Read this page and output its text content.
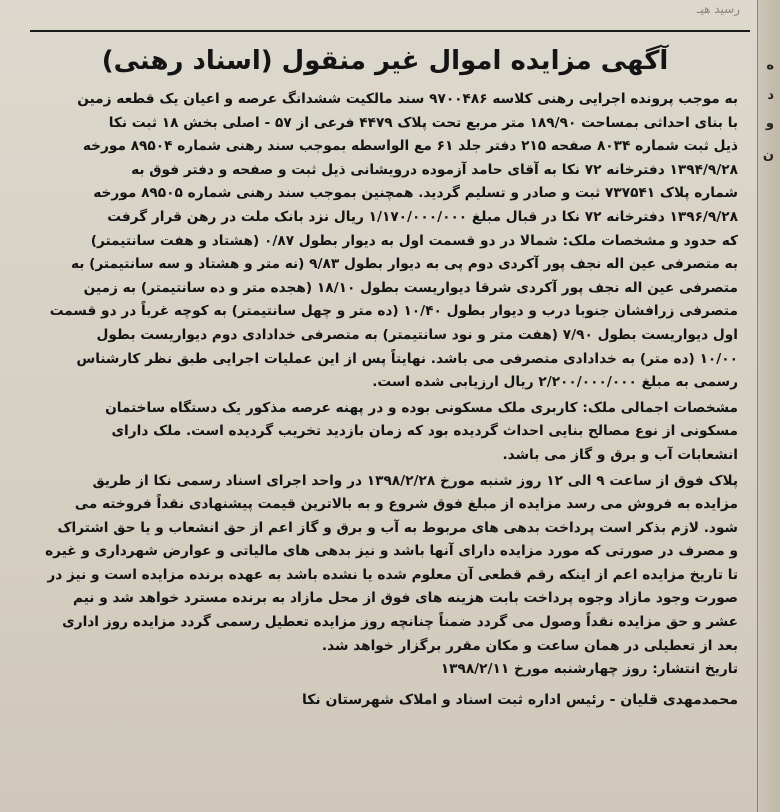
رسید هیـ
ه
د
و
ن
آگهی مزایده اموال غیر منقول (اسناد رهنی)

به موجب پرونده اجرایی رهنی کلاسه ۹۷۰۰۴۸۶ سند مالکیت ششدانگ عرصه و اعیان یک قطعه زمین
با بنای احداثی بمساحت ۱۸۹/۹۰ متر مربع تحت پلاک ۴۴۷۹ فرعی از ۵۷ - اصلی بخش ۱۸ ثبت نکا
ذیل ثبت شماره ۸۰۳۴ صفحه ۲۱۵ دفتر جلد ۶۱ مع الواسطه بموجب سند رهنی شماره ۸۹۵۰۴ مورخه
۱۳۹۴/۹/۲۸ دفترخانه ۷۲ نکا به آقای حامد آزموده درویشانی ذیل ثبت و صفحه و دفتر فوق به
شماره پلاک ۷۳۷۵۴۱ ثبت و صادر و تسلیم گردید. همچنین بموجب سند رهنی شماره ۸۹۵۰۵ مورخه
۱۳۹۶/۹/۲۸ دفترخانه ۷۲ نکا در قبال مبلغ ۱/۱۷۰/۰۰۰/۰۰۰ ریال نزد بانک ملت در رهن قرار گرفت
که حدود و مشخصات ملک: شمالا در دو قسمت اول به دیوار بطول ۰/۸۷ (هشتاد و هفت سانتیمتر)
به متصرفی عین اله نجف پور آکردی دوم پی به دیوار بطول ۹/۸۳ (نه متر و هشتاد و سه سانتیمتر) به
متصرفی عین اله نجف پور آکردی شرقا دیواریست بطول ۱۸/۱۰ (هجده متر و ده سانتیمتر) به زمین
متصرفی زرافشان جنوبا درب و دیوار بطول ۱۰/۴۰ (ده متر و چهل سانتیمتر) به کوچه غرباً در دو قسمت
اول دیواریست بطول ۷/۹۰ (هفت متر و نود سانتیمتر) به متصرفی خدادادی دوم دیواریست بطول
۱۰/۰۰ (ده متر) به خدادادی متصرفی می باشد. نهایتاً پس از این عملیات اجرایی طبق نظر کارشناس
رسمی به مبلغ ۲/۲۰۰/۰۰۰/۰۰۰ ریال ارزیابی شده است.

مشخصات اجمالی ملک: کاربری ملک مسکونی بوده و در پهنه عرصه مذکور یک دستگاه ساختمان
مسکونی از نوع مصالح بنایی احداث گردیده بود که زمان بازدید تخریب گردیده است. ملک دارای
انشعابات آب و برق و گاز می باشد.

پلاک فوق از ساعت ۹ الی ۱۲ روز شنبه مورخ ۱۳۹۸/۲/۲۸ در واحد اجرای اسناد رسمی نکا از طریق
مزایده به فروش می رسد مزایده از مبلغ فوق شروع و به بالاترین قیمت پیشنهادی نقداً فروخته می
شود. لازم بذکر است پرداخت بدهی های مربوط به آب و برق و گاز اعم از حق انشعاب و یا حق اشتراک
و مصرف در صورتی که مورد مزایده دارای آنها باشد و نیز بدهی های مالیاتی و عوارض شهرداری و غیره
تا تاریخ مزایده اعم از اینکه رقم قطعی آن معلوم شده یا نشده باشد به عهده برنده مزایده است و نیز در
صورت وجود مازاد وجوه پرداخت بابت هزینه های فوق از محل مازاد به برنده مسترد خواهد شد و نیم
عشر و حق مزایده نقداً وصول می گردد ضمناً چنانچه روز مزایده تعطیل رسمی گردد مزایده روز اداری
بعد از تعطیلی در همان ساعت و مکان مقرر برگزار خواهد شد.

تاریخ انتشار: روز چهارشنبه مورخ ۱۳۹۸/۲/۱۱

محمدمهدی قلیان - رئیس اداره ثبت اسناد و املاک شهرستان نکا
